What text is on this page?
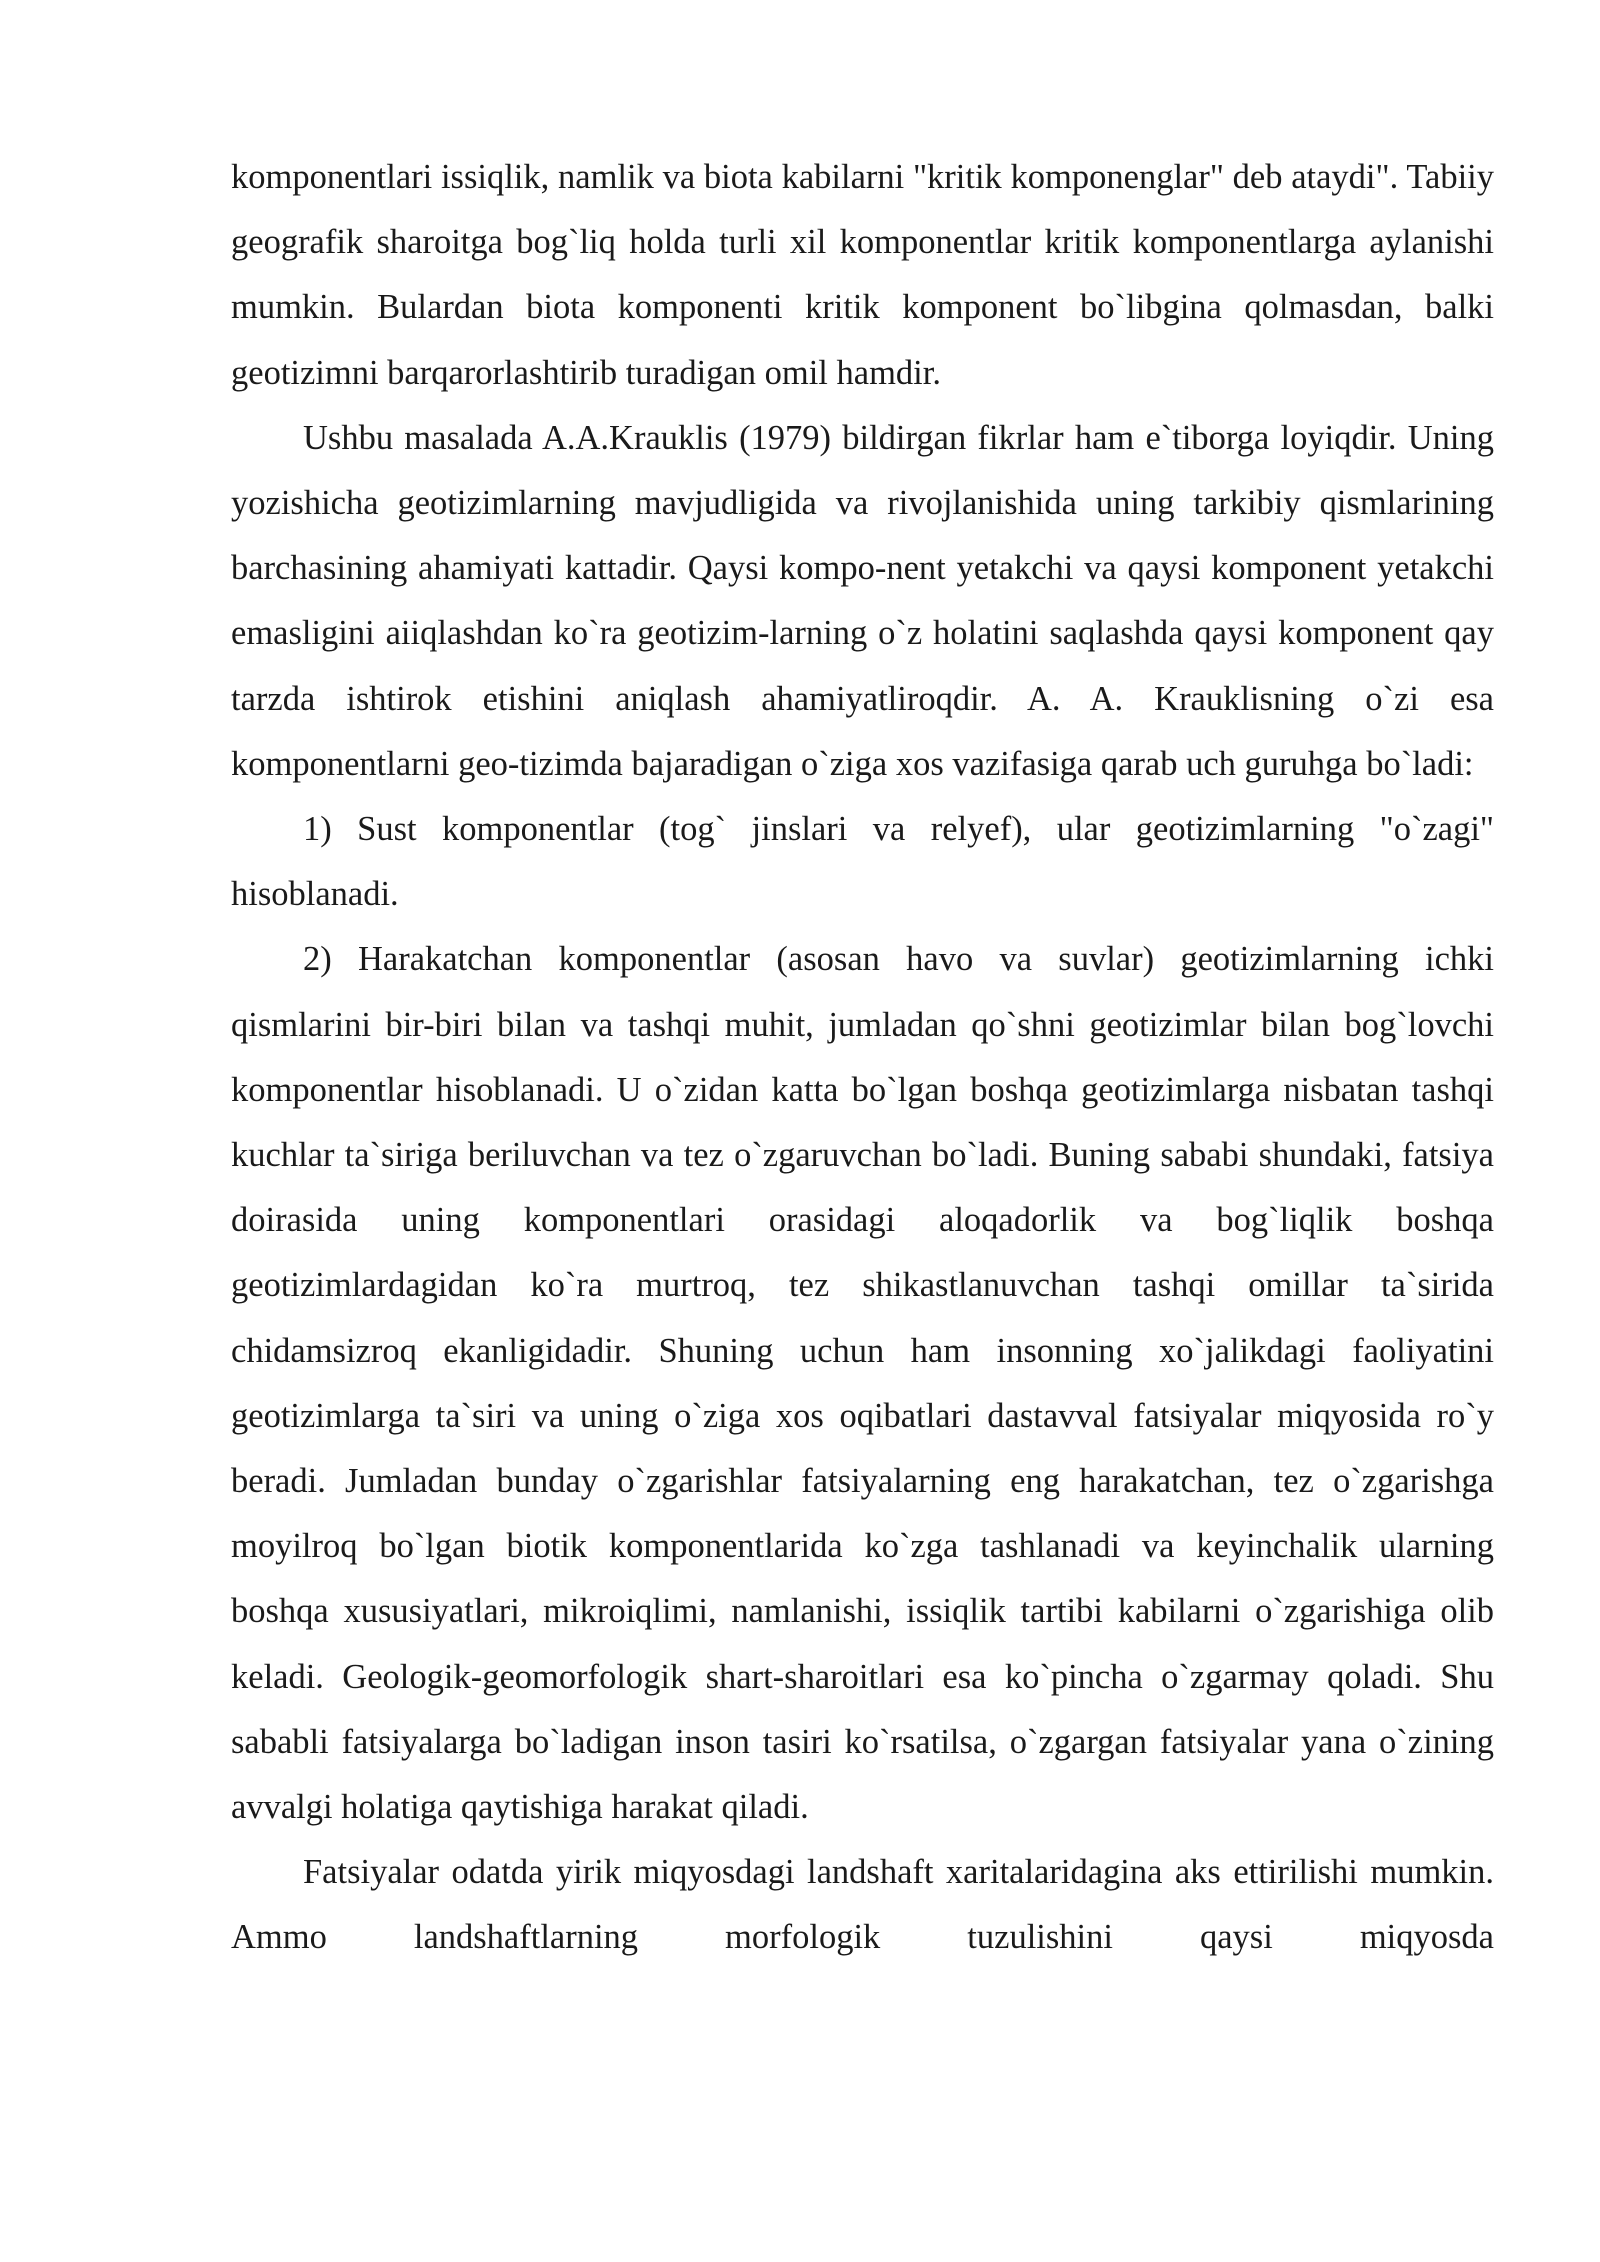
komponentlari issiqlik, namlik va biota kabilarni "kritik komponenglar" deb ataydi". Tabiiy geografik sharoitga bog`liq holda turli xil komponentlar kritik komponentlarga aylanishi mumkin. Bulardan biota komponenti kritik komponent bo`libgina qolmasdan, balki geotizimni barqarorlashtirib turadigan omil hamdir.

Ushbu masalada A.A.Krauklis (1979) bildirgan fikrlar ham e`tiborga loyiqdir. Uning yozishicha geotizimlarning mavjudligida va rivojlanishida uning tarkibiy qismlarining barchasining ahamiyati kattadir. Qaysi kompo-nent yetakchi va qaysi komponent yetakchi emasligini aiiqlashdan ko`ra geotizim-larning o`z holatini saqlashda qaysi komponent qay tarzda ishtirok etishini aniqlash ahamiyatliroqdir. A. A. Krauklisning o`zi esa komponentlarni geo-tizimda bajaradigan o`ziga xos vazifasiga qarab uch guruhga bo`ladi:

1) Sust komponentlar (tog` jinslari va relyef), ular geotizimlarning "o`zagi" hisoblanadi.

2) Harakatchan komponentlar (asosan havo va suvlar) geotizimlarning ichki qismlarini bir-biri bilan va tashqi muhit, jumladan qo`shni geotizimlar bilan bog`lovchi komponentlar hisoblanadi. U o`zidan katta bo`lgan boshqa geotizimlarga nisbatan tashqi kuchlar ta`siriga beriluvchan va tez o`zgaruvchan bo`ladi. Buning sababi shundaki, fatsiya doirasida uning komponentlari orasidagi aloqadorlik va bog`liqlik boshqa geotizimlardagidan ko`ra murtroq, tez shikastlanuvchan tashqi omillar ta`sirida chidamsizroq ekanligidadir. Shuning uchun ham insonning xo`jalikdagi faoliyatini geotizimlarga ta`siri va uning o`ziga xos oqibatlari dastavval fatsiyalar miqyosida ro`y beradi. Jumladan bunday o`zgarishlar fatsiyalarning eng harakatchan, tez o`zgarishga moyilroq bo`lgan biotik komponentlarida ko`zga tashlanadi va keyinchalik ularning boshqa xususiyatlari, mikroiqlimi, namlanishi, issiqlik tartibi kabilarni o`zgarishiga olib keladi. Geologik-geomorfologik shart-sharoitlari esa ko`pincha o`zgarmay qoladi. Shu sababli fatsiyalarga bo`ladigan inson tasiri ko`rsatilsa, o`zgargan fatsiyalar yana o`zining avvalgi holatiga qaytishiga harakat qiladi.

Fatsiyalar odatda yirik miqyosdagi landshaft xaritalaridagina aks ettirilishi mumkin. Ammo landshaftlarning morfologik tuzulishini qaysi miqyosda
